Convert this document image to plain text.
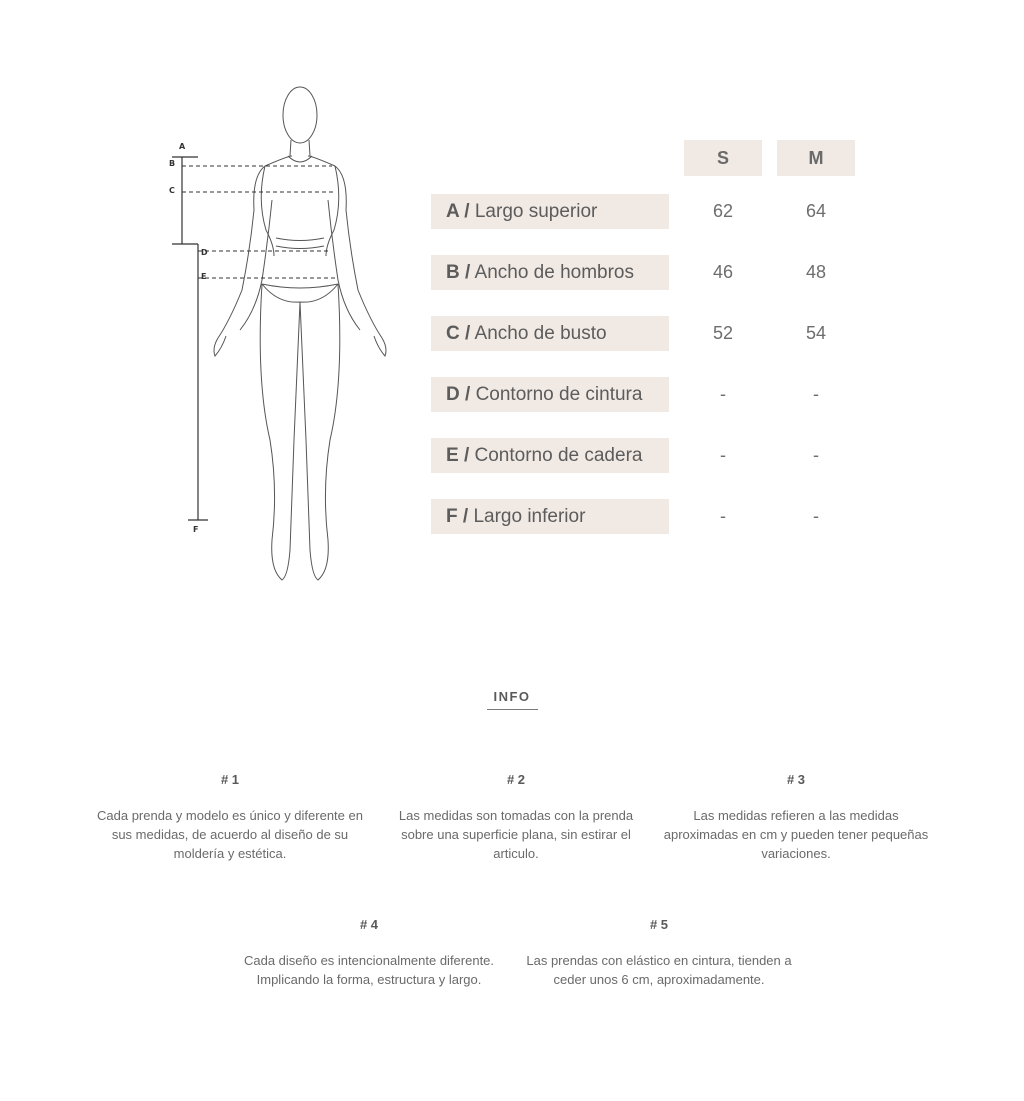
A
B
C
D
E
F
S	M
A / Largo superior	62	64
B / Ancho de hombros	46	48
C / Ancho de busto	52	54
D / Contorno de cintura	-	-
E / Contorno de cadera	-	-
F / Largo inferior	-	-
INFO
# 1
Cada prenda y modelo es único y diferente en sus medidas, de acuerdo al diseño de su moldería y estética.
# 2
Las medidas son tomadas con la prenda sobre una superficie plana, sin estirar el articulo.
# 3
Las medidas refieren a las medidas aproximadas en cm y pueden tener pequeñas variaciones.
# 4
Cada diseño es intencionalmente diferente. Implicando la forma, estructura y largo.
# 5
Las prendas con elástico en cintura, tienden a ceder unos 6 cm, aproximadamente.
